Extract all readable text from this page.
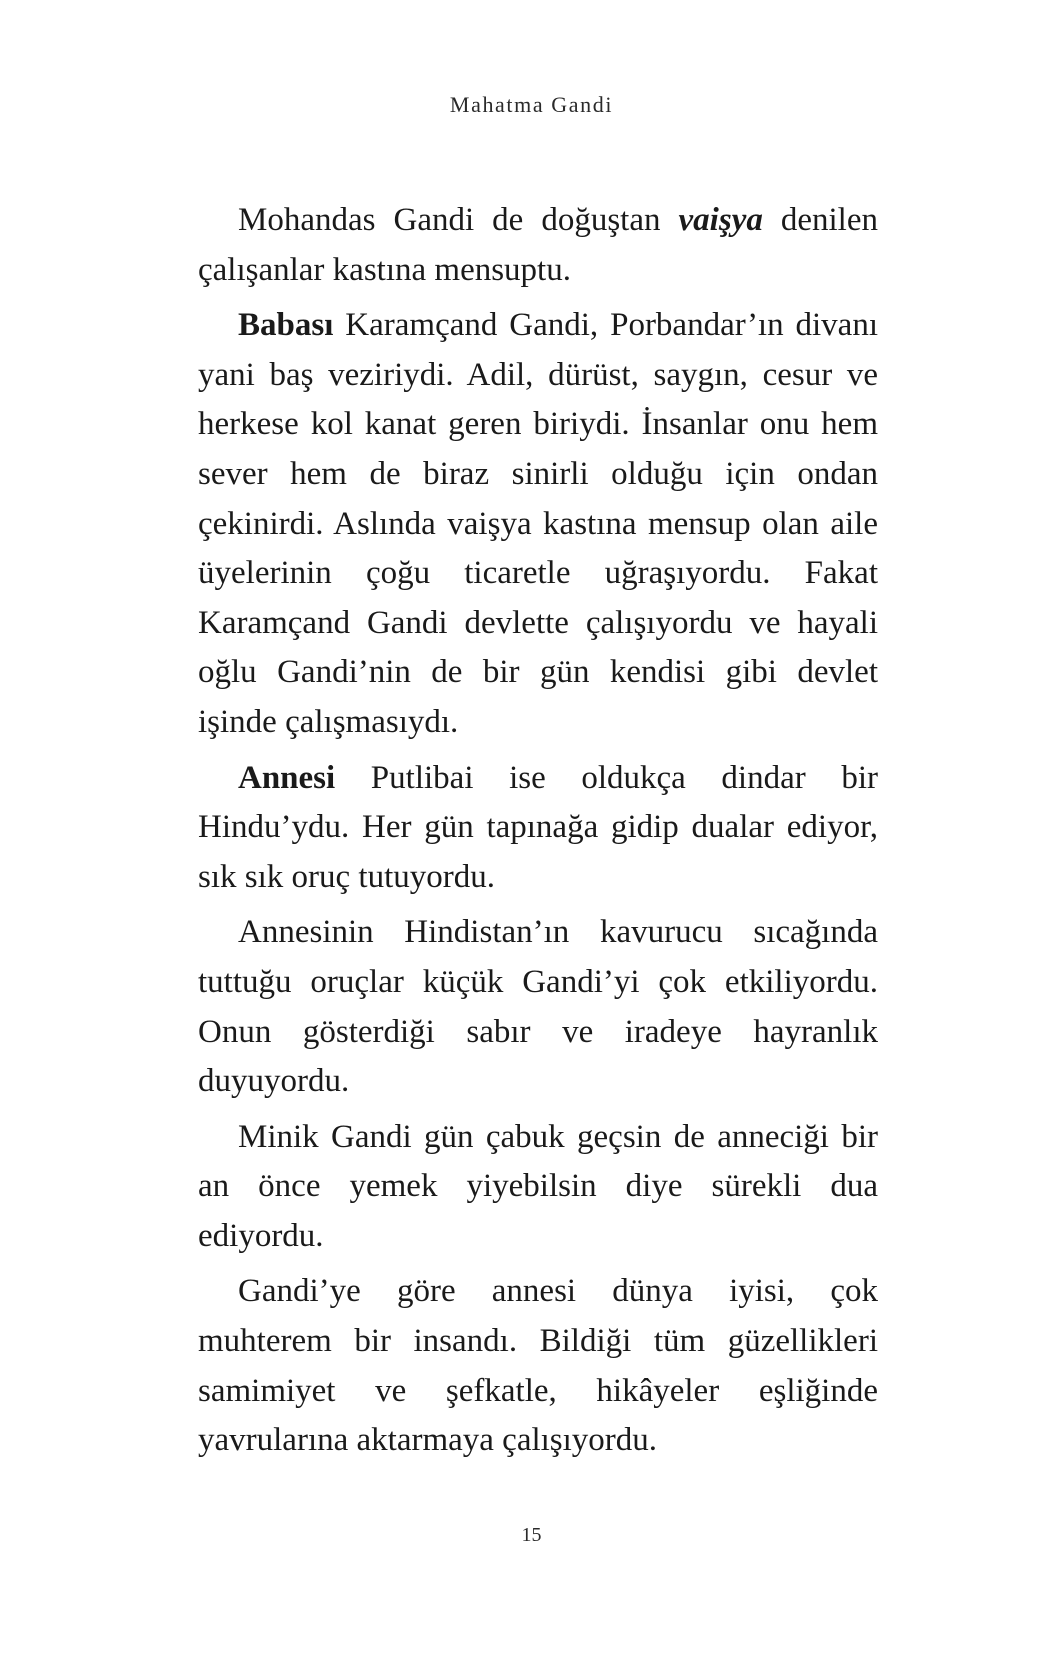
Mahatma Gandi

Mohandas Gandi de doğuştan vaişya denilen çalışanlar kastına mensuptu.

Babası Karamçand Gandi, Porbandar’ın divanı yani baş veziriydi. Adil, dürüst, saygın, cesur ve herkese kol kanat geren biriydi. İnsanlar onu hem sever hem de biraz sinirli olduğu için ondan çekinirdi. Aslında vaişya kastına mensup olan aile üyelerinin çoğu ticaretle uğraşıyordu. Fakat Karamçand Gandi devlette çalışıyordu ve hayali oğlu Gandi’nin de bir gün kendisi gibi devlet işinde çalışmasıydı.

Annesi Putlibai ise oldukça dindar bir Hindu’ydu. Her gün tapınağa gidip dualar ediyor, sık sık oruç tutuyordu.

Annesinin Hindistan’ın kavurucu sıcağında tuttuğu oruçlar küçük Gandi’yi çok etkiliyordu. Onun gösterdiği sabır ve iradeye hayranlık duyuyordu.

Minik Gandi gün çabuk geçsin de anneciği bir an önce yemek yiyebilsin diye sürekli dua ediyordu.

Gandi’ye göre annesi dünya iyisi, çok muhterem bir insandı. Bildiği tüm güzellikleri samimiyet ve şefkatle, hikâyeler eşliğinde yavrularına aktarmaya çalışıyordu.

15
